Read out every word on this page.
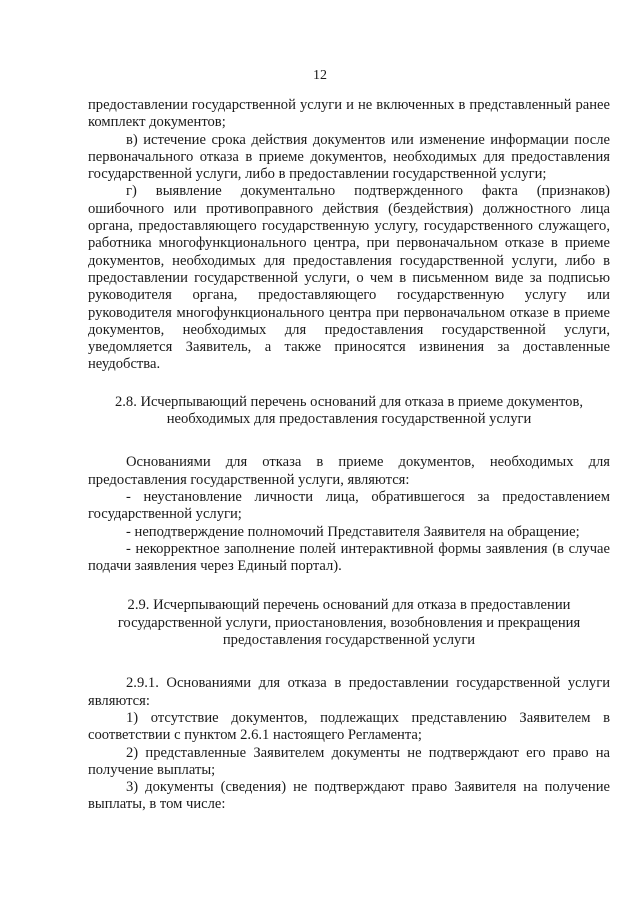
12

предоставлении государственной услуги и не включенных в представленный ранее комплект документов;

в) истечение срока действия документов или изменение информации после первоначального отказа в приеме документов, необходимых для предоставления государственной услуги, либо в предоставлении государственной услуги;

г) выявление документально подтвержденного факта (признаков) ошибочного или противоправного действия (бездействия) должностного лица органа, предоставляющего государственную услугу, государственного служащего, работника многофункционального центра, при первоначальном отказе в приеме документов, необходимых для предоставления государственной услуги, либо в предоставлении государственной услуги, о чем в письменном виде за подписью руководителя органа, предоставляющего государственную услугу или руководителя многофункционального центра при первоначальном отказе в приеме документов, необходимых для предоставления государственной услуги, уведомляется Заявитель, а также приносятся извинения за доставленные неудобства.

2.8. Исчерпывающий перечень оснований для отказа в приеме документов, необходимых для предоставления государственной услуги

Основаниями для отказа в приеме документов, необходимых для предоставления государственной услуги, являются:

- неустановление личности лица, обратившегося за предоставлением государственной услуги;

- неподтверждение полномочий Представителя Заявителя на обращение;

- некорректное заполнение полей интерактивной формы заявления (в случае подачи заявления через Единый портал).

2.9. Исчерпывающий перечень оснований для отказа в предоставлении государственной услуги, приостановления, возобновления и прекращения предоставления государственной услуги

2.9.1. Основаниями для отказа в предоставлении государственной услуги являются:

1) отсутствие документов, подлежащих представлению Заявителем в соответствии с пунктом 2.6.1 настоящего Регламента;

2) представленные Заявителем документы не подтверждают его право на получение выплаты;

3) документы (сведения) не подтверждают право Заявителя на получение выплаты, в том числе:
